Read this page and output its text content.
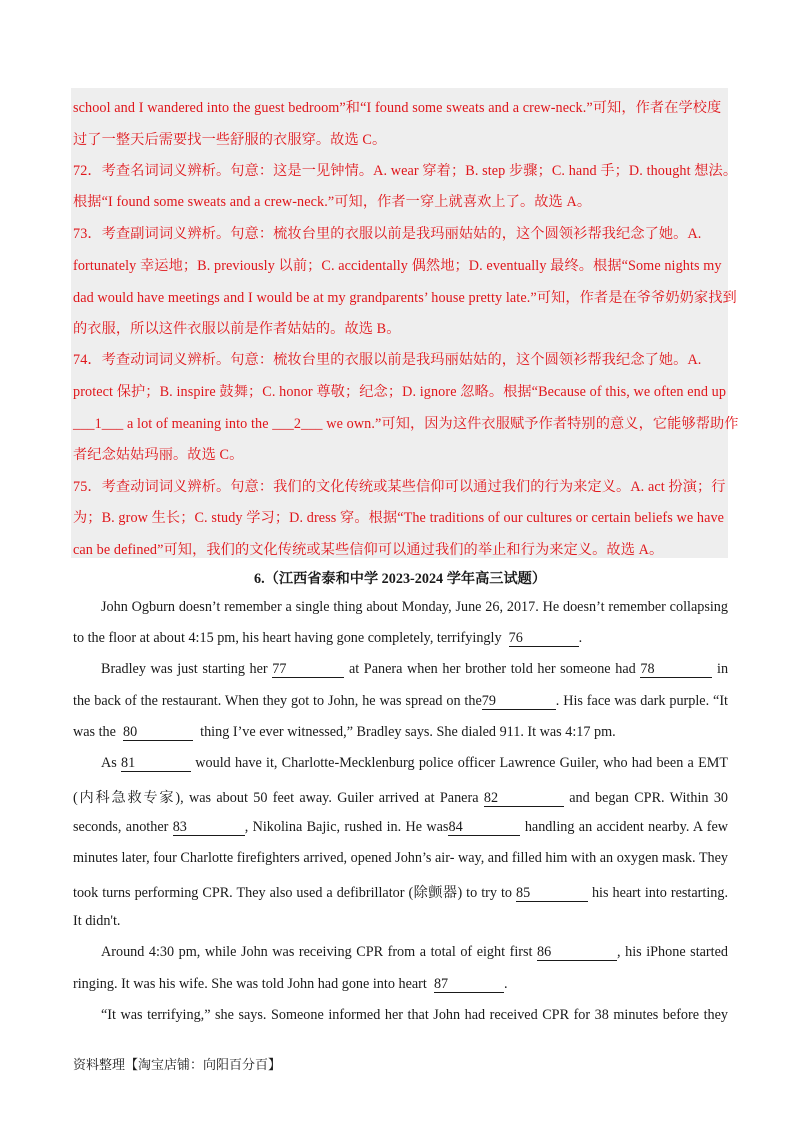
school and I wandered into the guest bedroom”和“I found some sweats and a crew-neck.”可知，作者在学校度
过了一整天后需要找一些舒服的衣服穿。故选 C。
72．考查名词词义辨析。句意：这是一见钟情。A. wear 穿着；B. step 步骤；C. hand 手；D. thought 想法。
根据“I found some sweats and a crew-neck.”可知，作者一穿上就喜欢上了。故选 A。
73．考查副词词义辨析。句意：梳妆台里的衣服以前是我玛丽姑姑的，这个圆领衫帮我纪念了她。A.
fortunately 幸运地；B. previously 以前；C. accidentally 偶然地；D. eventually 最终。根据“Some nights my
dad would have meetings and I would be at my grandparents’ house pretty late.”可知，作者是在爷爷奶奶家找到
的衣服，所以这件衣服以前是作者姑姑的。故选 B。
74．考查动词词义辨析。句意：梳妆台里的衣服以前是我玛丽姑姑的，这个圆领衫帮我纪念了她。A.
protect 保护；B. inspire 鼓舞；C. honor 尊敬；纪念；D. ignore 忽略。根据“Because of this, we often end up
___1___ a lot of meaning into the ___2___ we own.”可知，因为这件衣服赋予作者特别的意义，它能够帮助作
者纪念姑姑玛丽。故选 C。
75．考查动词词义辨析。句意：我们的文化传统或某些信仰可以通过我们的行为来定义。A. act 扮演；行
为；B. grow 生长；C. study 学习；D. dress 穿。根据“The traditions of our cultures or certain beliefs we have
can be defined”可知，我们的文化传统或某些信仰可以通过我们的举止和行为来定义。故选 A。
6.（江西省泰和中学 2023-2024 学年高三试题）
John Ogburn doesn’t remember a single thing about Monday, June 26, 2017. He doesn’t remember collapsing
to the floor at about 4:15 pm, his heart having gone completely, terrifyingly 76	.
Bradley was just starting her 77	at Panera when her brother told her someone had 78	in
the back of the restaurant. When they got to John, he was spread on the79	. His face was dark purple. “It
was the 80	thing I’ve ever witnessed,” Bradley says. She dialed 911. It was 4:17 pm.
As 81	would have it, Charlotte-Mecklenburg police officer Lawrence Guiler, who had been a EMT
(内科急救专家), was about 50 feet away. Guiler arrived at Panera 82	and began CPR. Within 30
seconds, another 83	, Nikolina Bajic, rushed in. He was84	handling an accident nearby. A few
minutes later, four Charlotte firefighters arrived, opened John’s air- way, and filled him with an oxygen mask. They
took turns performing CPR. They also used a defibrillator (除颤器) to try to 85	his heart into restarting.
It didn't.
Around 4:30 pm, while John was receiving CPR from a total of eight first 86	, his iPhone started
ringing. It was his wife. She was told John had gone into heart 87	.
“It was terrifying,” she says. Someone informed her that John had received CPR for 38 minutes before they
资料整理【淘宝店铺：向阳百分百】
